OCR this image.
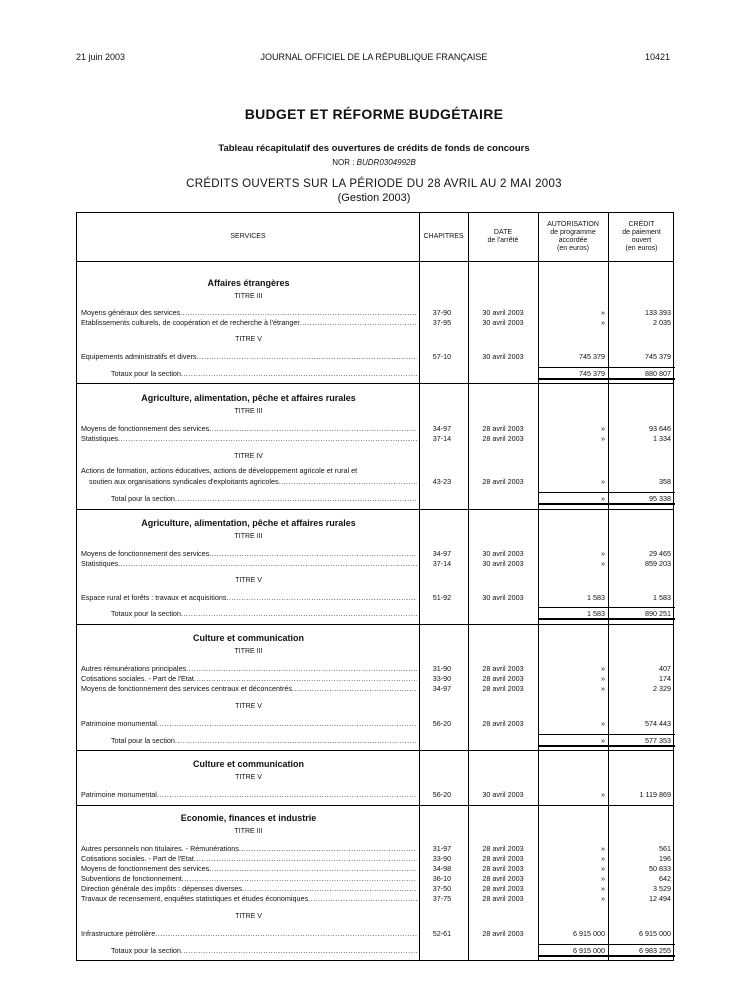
21 juin 2003	JOURNAL OFFICIEL DE LA RÉPUBLIQUE FRANÇAISE	10421
BUDGET ET RÉFORME BUDGÉTAIRE
Tableau récapitulatif des ouvertures de crédits de fonds de concours
NOR : BUDR0304992B
CRÉDITS OUVERTS SUR LA PÉRIODE DU 28 AVRIL AU 2 MAI 2003
(Gestion 2003)
SERVICES	CHAPITRES
DATE
de l'arrêté
AUTORISATION
de programme
accordée
(en euros)
CRÉDIT
de paiement
ouvert
(en euros)
Affaires étrangères
TITRE III
Moyens généraux des services .....	37-90	30 avril 2003	»	133 393
Etablissements culturels, de coopération et de recherche à l'étranger .....	37-95	30 avril 2003	»	2 035
TITRE V
Equipements administratifs et divers .....	57-10	30 avril 2003	745 379	745 379
Totaux pour la section .....	745 379	880 807
Agriculture, alimentation, pêche et affaires rurales
TITRE III
Moyens de fonctionnement des services .....	34-97	28 avril 2003	»	93 646
Statistiques .....	37-14	28 avril 2003	»	1 334
TITRE IV
Actions de formation, actions éducatives, actions de développement agricole et rural et
soutien aux organisations syndicales d'exploitants agricoles .....	43-23	28 avril 2003	»	358
Total pour la section .....	»	95 338
Agriculture, alimentation, pêche et affaires rurales
TITRE III
Moyens de fonctionnement des services .....	34-97	30 avril 2003	»	29 465
Statistiques .....	37-14	30 avril 2003	»	859 203
TITRE V
Espace rural et forêts : travaux et acquisitions .....	51-92	30 avril 2003	1 583	1 583
Totaux pour la section .....	1 583	890 251
Culture et communication
TITRE III
Autres rémunérations principales .....	31-90	28 avril 2003	»	407
Cotisations sociales. - Part de l'Etat .....	33-90	28 avril 2003	»	174
Moyens de fonctionnement des services centraux et déconcentrés .....	34-97	28 avril 2003	»	2 329
TITRE V
Patrimoine monumental .....	56-20	28 avril 2003	»	574 443
Total pour la section .....	»	577 353
Culture et communication
TITRE V
Patrimoine monumental .....	56-20	30 avril 2003	»	1 119 869
Economie, finances et industrie
TITRE III
Autres personnels non titulaires. - Rémunérations .....	31-97	28 avril 2003	»	561
Cotisations sociales. - Part de l'Etat .....	33-90	28 avril 2003	»	196
Moyens de fonctionnement des services .....	34-98	28 avril 2003	»	50 833
Subventions de fonctionnement .....	36-10	28 avril 2003	»	642
Direction générale des impôts : dépenses diverses .....	37-50	28 avril 2003	»	3 529
Travaux de recensement, enquêtes statistiques et études économiques .....	37-75	28 avril 2003	»	12 494
TITRE V
Infrastructure pétrolière .....	52-61	28 avril 2003	6 915 000	6 915 000
Totaux pour la section .....	6 915 000	6 983 255
